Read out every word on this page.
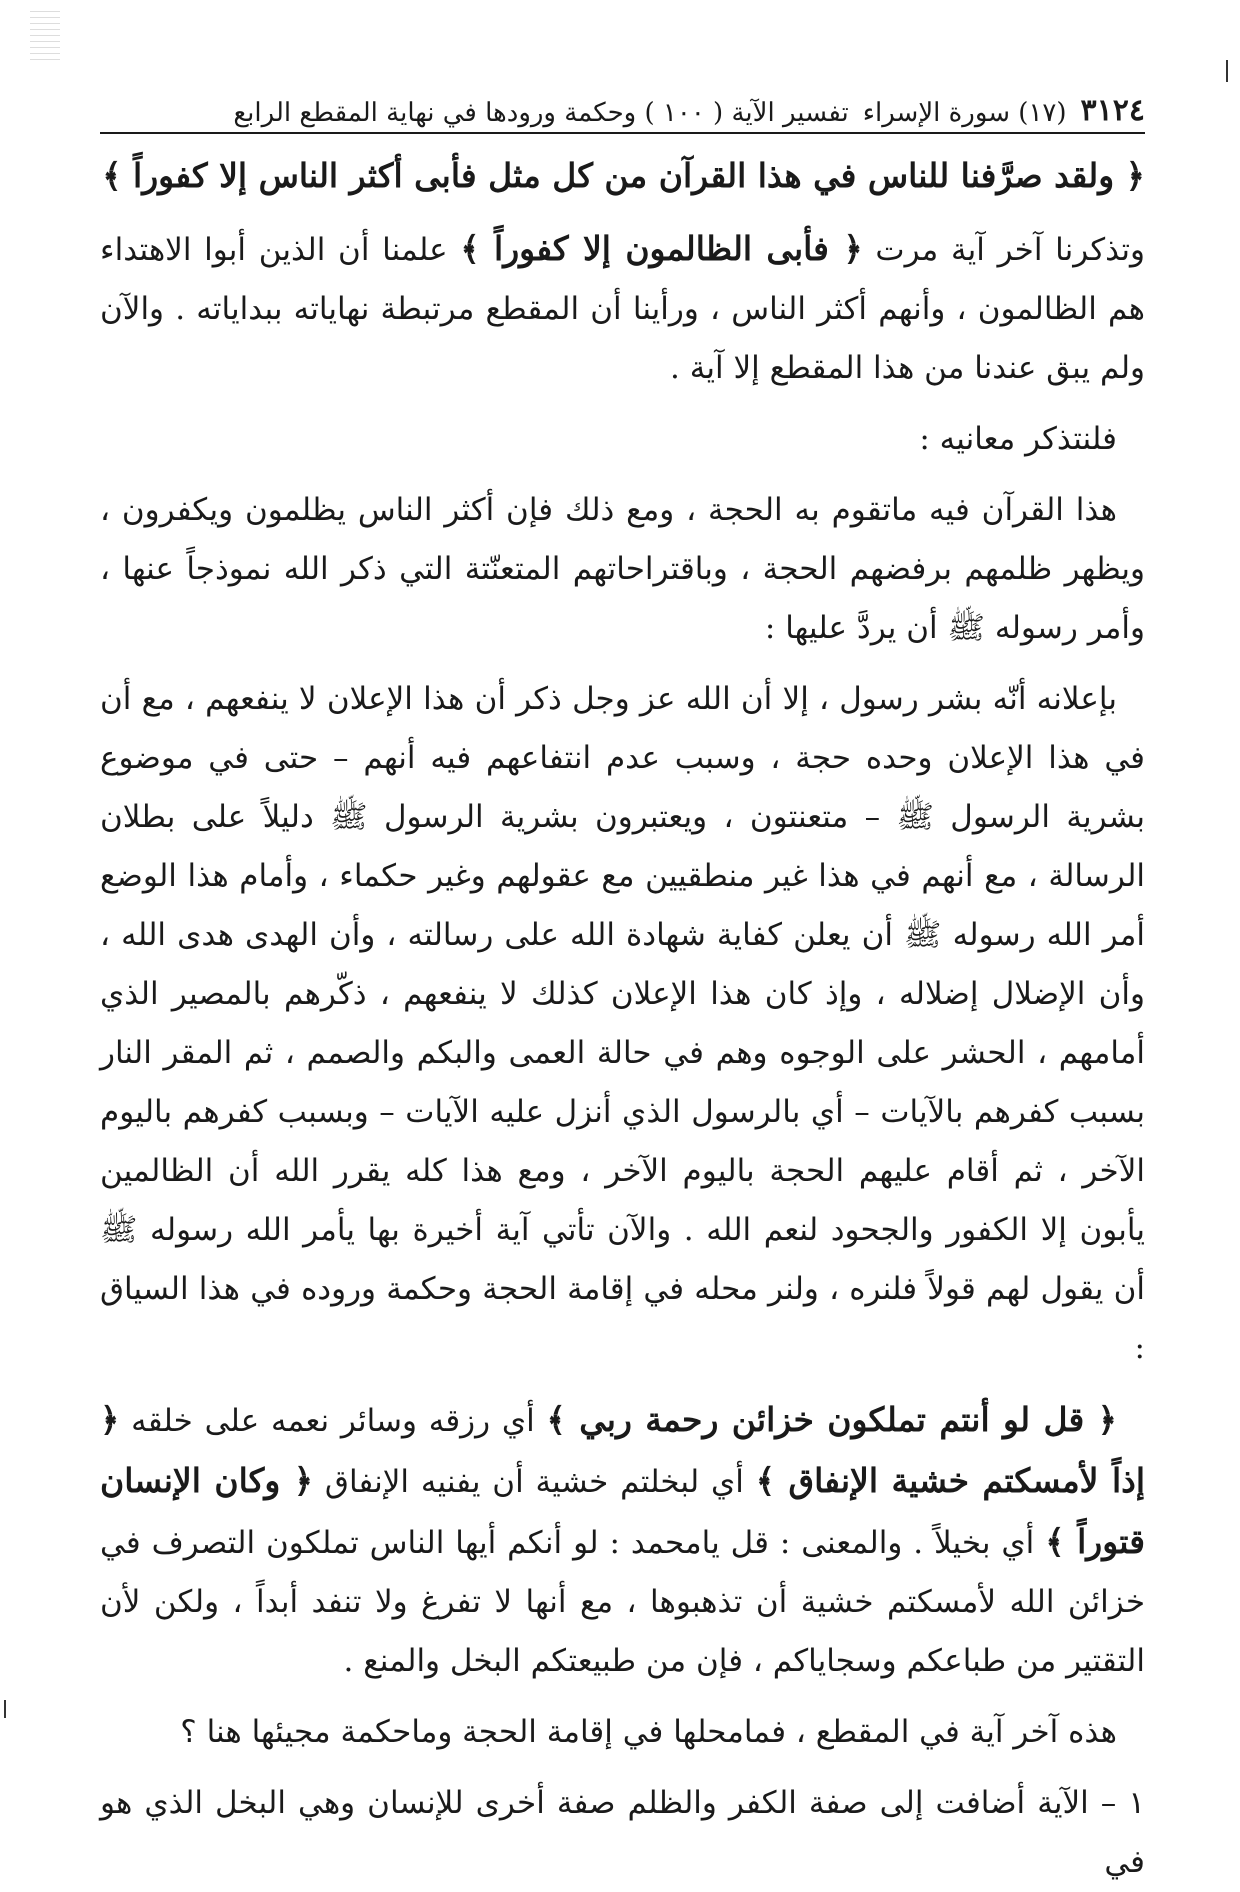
٣١٢٤
(١٧) سورة الإسراء
تفسير الآية ( ١٠٠ ) وحكمة ورودها في نهاية المقطع الرابع

﴿ ولقد صرَّفنا للناس في هذا القرآن من كل مثل فأبى أكثر الناس إلا كفوراً ﴾

وتذكرنا آخر آية مرت ﴿ فأبى الظالمون إلا كفوراً ﴾ علمنا أن الذين أبوا الاهتداء هم الظالمون ، وأنهم أكثر الناس ، ورأينا أن المقطع مرتبطة نهاياته ببداياته . والآن ولم يبق عندنا من هذا المقطع إلا آية .

فلنتذكر معانيه :

هذا القرآن فيه ماتقوم به الحجة ، ومع ذلك فإن أكثر الناس يظلمون ويكفرون ، ويظهر ظلمهم برفضهم الحجة ، وباقتراحاتهم المتعنّتة التي ذكر الله نموذجاً عنها ، وأمر رسوله ﷺ أن يردَّ عليها :

بإعلانه أنّه بشر رسول ، إلا أن الله عز وجل ذكر أن هذا الإعلان لا ينفعهم ، مع أن في هذا الإعلان وحده حجة ، وسبب عدم انتفاعهم فيه أنهم – حتى في موضوع بشرية الرسول ﷺ – متعنتون ، ويعتبرون بشرية الرسول ﷺ دليلاً على بطلان الرسالة ، مع أنهم في هذا غير منطقيين مع عقولهم وغير حكماء ، وأمام هذا الوضع أمر الله رسوله ﷺ أن يعلن كفاية شهادة الله على رسالته ، وأن الهدى هدى الله ، وأن الإضلال إضلاله ، وإذ كان هذا الإعلان كذلك لا ينفعهم ، ذكّرهم بالمصير الذي أمامهم ، الحشر على الوجوه وهم في حالة العمى والبكم والصمم ، ثم المقر النار بسبب كفرهم بالآيات – أي بالرسول الذي أنزل عليه الآيات – وبسبب كفرهم باليوم الآخر ، ثم أقام عليهم الحجة باليوم الآخر ، ومع هذا كله يقرر الله أن الظالمين يأبون إلا الكفور والجحود لنعم الله . والآن تأتي آية أخيرة بها يأمر الله رسوله ﷺ أن يقول لهم قولاً فلنره ، ولنر محله في إقامة الحجة وحكمة وروده في هذا السياق :

﴿ قل لو أنتم تملكون خزائن رحمة ربي ﴾ أي رزقه وسائر نعمه على خلقه ﴿ إذاً لأمسكتم خشية الإنفاق ﴾ أي لبخلتم خشية أن يفنيه الإنفاق ﴿ وكان الإنسان قتوراً ﴾ أي بخيلاً . والمعنى : قل يامحمد : لو أنكم أيها الناس تملكون التصرف في خزائن الله لأمسكتم خشية أن تذهبوها ، مع أنها لا تفرغ ولا تنفد أبداً ، ولكن لأن التقتير من طباعكم وسجاياكم ، فإن من طبيعتكم البخل والمنع .

هذه آخر آية في المقطع ، فمامحلها في إقامة الحجة وماحكمة مجيئها هنا ؟

١ – الآية أضافت إلى صفة الكفر والظلم صفة أخرى للإنسان وهي البخل الذي هو في
